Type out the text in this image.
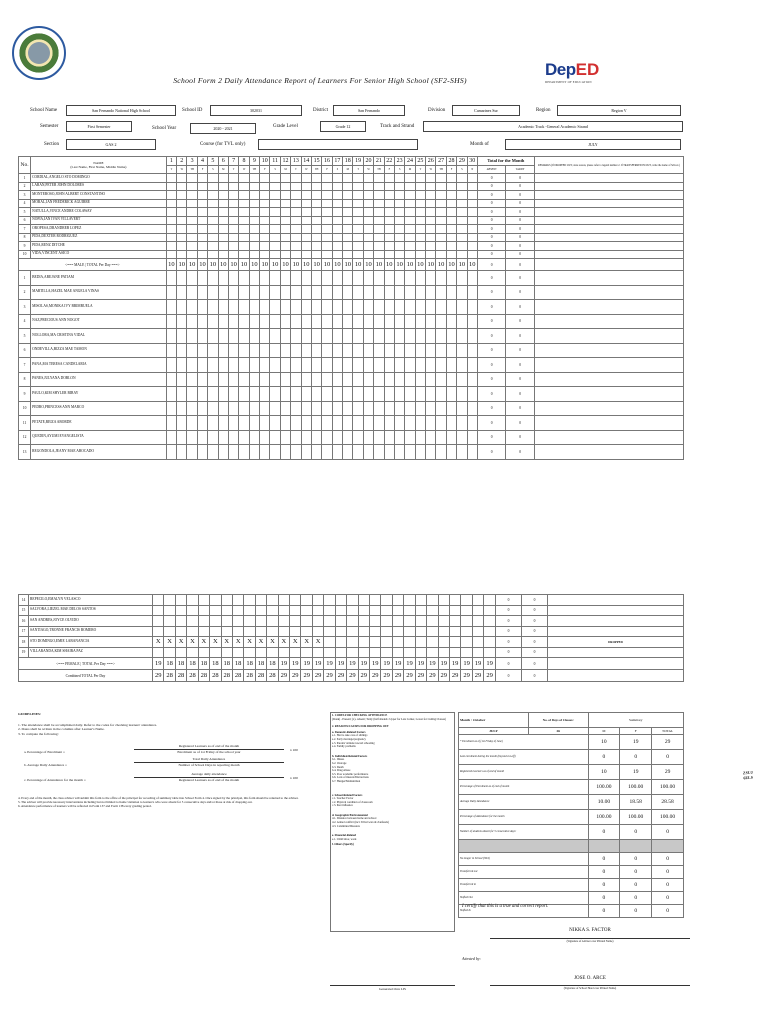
School Form 2 Daily Attendance Report of Learners For Senior High School (SF2-SHS)
DepED
DEPARTMENT OF EDUCATION
School Name	San Fernando National High School	School ID	302031	District	San Fernando	Division	Camarines Sur	Region	Region V
Semester	First Semester	School Year	2020 - 2021	Grade Level	Grade 12	Track and Strand	Academic Track -General Academic Strand
Section	GAS 2	Course (for TVL only)	Month of	JULY
No.	NAME
(Last Name, First Name, Middle Name)	1	2	3	4	5	6	7	8	9	10	11	12	13	14	15	16	17	18	19	20	21	22	23	24	25	26	27	28	29	30	Total for the Month		REMARKS (If DROPPED OUT, state reason, please refer to legend number 2. If TRANSFERRED IN/OUT, write the name of School.)
		T	W	TH	F	S	M	T	W	TH	F	S	M	T	W	TH	F	S	M	T	W	TH	F	S	M	T	W	TH	F	S	N	ABSENT	TARDY	
1	CORDIAL,ANGELO STO DOMINGO																															0	0	
2	LABAN,PETER JOHN DOLORES																															0	0	
3	MONTEROSO,JOHN ALBERT CONSTANTINO																															0	0	
4	MORAL,IAN FREDERICK AGUIRRE																															0	0	
5	NATULLA,VINCE ANDRE COLAWAY																															0	0	
6	NOPIA,IAN IVAN VILLAVERT																															0	0	
7	OROPESA,DRANDREB LOPEZ																															0	0	
8	PIDA,DEXTER RODRIGUEZ																															0	0	
9	PIDA,RENZ DITCHE																															0	0	
10	VIDA,VINCENT ASICO																															0	0	
<=== MALE | TOTAL Per Day ===>		10	10	10	10	10	10	10	10	10	10	10	10	10	10	10	10	10	10	10	10	10	10	10	10	10	10	10	10	10	10	0	0	
1	BEDIA,ABEJANE PATIAM																															0	0	
2	MARTILLA,HAZEL MAE ANGELA VINAS																															0	0	
3	MISOLAS,MONIKA IVY BRIMBUELA																															0	0	
4	NAZ,PRECIOUS ANN NOGOT																															0	0	
5	NOLLORA,MA CRISTINA VIDAL																															0	0	
6	ONDEVILLA,BIZZA MAE TAMON																															0	0	
7	PANA,MA TERESA CANDELARIA																															0	0	
8	PANES,JULYANA DOBLON																															0	0	
9	PAULO,KIM SHYLER BIBAY																															0	0	
10	PEDRO,PRINCESS ANN MARCO																															0	0	
11	PETATE,REIZA ABORDE																															0	0	
12	QUEDIN,AYUMI EVANGELISTA																															0	0	
13	REGONDOLA,JEANY MAE ABOCADO																															0	0	
14	REPECILO,EMALYN VELASCO																															0	0	
15	SALVORA,LIEZEL MAE DELOS SANTOS																															0	0	
16	SAN ANDRES,JOYCE OLVIDO																															0	0	
17	SANTIAGO,TRONNE FRANCIS ROMERO																															0	0	
18	STO DOMINGO,EMIE LABANANCIA	X	X	X	X	X	X	X	X	X	X	X	X	X	X	X																0	0	DROPPED
19	VILLARANDA,KIM SHAIRA PAZ																															0	0	
<=== FEMALE | TOTAL Per Day ===>		19	18	18	18	18	18	18	18	18	18	18	19	19	19	19	19	19	19	19	19	19	19	19	19	19	19	19	19	19	19	0	0	
Combined TOTAL Per Day		29	28	28	28	28	28	28	28	28	28	28	29	29	29	29	29	29	29	29	29	29	29	29	29	29	29	29	29	29	29	0	0	
ZSUJ 6ELS
GUIDELINES:
1. The attendance shall be accomplished daily. Refer to the codes for checking learners' attendance.
2. Dates shall be written in the columns after Learner's Name.
3. To compute the following:
a. Percentage of Enrolment =
Registered Learners as of end of the month
Enrolment as of 1st Friday of the school year	x 100
b. Average Daily Attendance =
Total Daily Attendance
Number of School Days in reporting month
c. Percentage of Attendance for the month =
Average daily attendance
Registered Learners as of end of the month	x 100
4. Every end of the month, the class adviser will submit this form to the office of the principal for recording of summary table into School Form 4. Once signed by the principal, this form should be returned to the adviser.
5. The adviser will provide necessary interventions including but not limited to home visitation to learner/s who were absent for 5 consecutive days and/or those at risk of dropping out.
6. Attendance performance of learners will be reflected in Form 137 and Form 138 every grading period.
1. CODES FOR CHECKING ATTENDANCE
(blank) - Present; (x)- Absent; Tardy (half shaded= Upper for Late Comer, Lower for Cutting Classes)
2. REASONS/CAUSES FOR DROPPING OUT
a. Domestic-Related Factors
a.1. Had to take care of siblings
a.2. Early marriage/pregnancy
a.3. Parents' attitude toward schooling
a.4. Family problems
b. Individual-Related Factors
b.1. Illness
b.2. Overage
b.3. Death
b.4. Drug Abuse
b.5. Poor academic performance
b.6. Lack of interest/Distractions
b.7. Hunger/Malnutrition
c. School-Related Factors
c.1. Teacher Factor
c.2. Physical condition of classroom
c.3. Peer influence
d. Geographic/Environmental
d.1. Distance between home and school
d.2. Armed conflict (incl. Tribal wars & clanfeuds)
d.3. Calamities/Disasters
e. Financial-Related
e.1. Child labor, work
f. Others (Specify)
Month : October	No. of Days of Classes:	Summary		
JULY	26	M	F	TOTAL
* Enrolment as of (1st Friday of June)		10	19	29
Late enrolment during the month (beyond cut-off)		0	0	0
Registered Learners as of end of month		10	19	29
Percentage of Enrolment as of end of month		100.00	100.00	100.00
Average Daily Attendance		10.00	18.58	28.58
Percentage of Attendance for the month		100.00	100.00	100.00
Number of students absent for 5 consecutive days:		0	0	0

No longer in School (NLS)		0	0	0
Transferred out		0	0	0
Transferred in		0	0	0
Shifted Out		0	0	0
Shifted In		0	0	0
I certify that this is a true and correct report.
NIKKA S. FACTOR
(Signature of Adviser over Printed Name)
Attested by:
JOSE O. ARCE
(Signature of School Head over Printed Name)
Generated thru LIS
